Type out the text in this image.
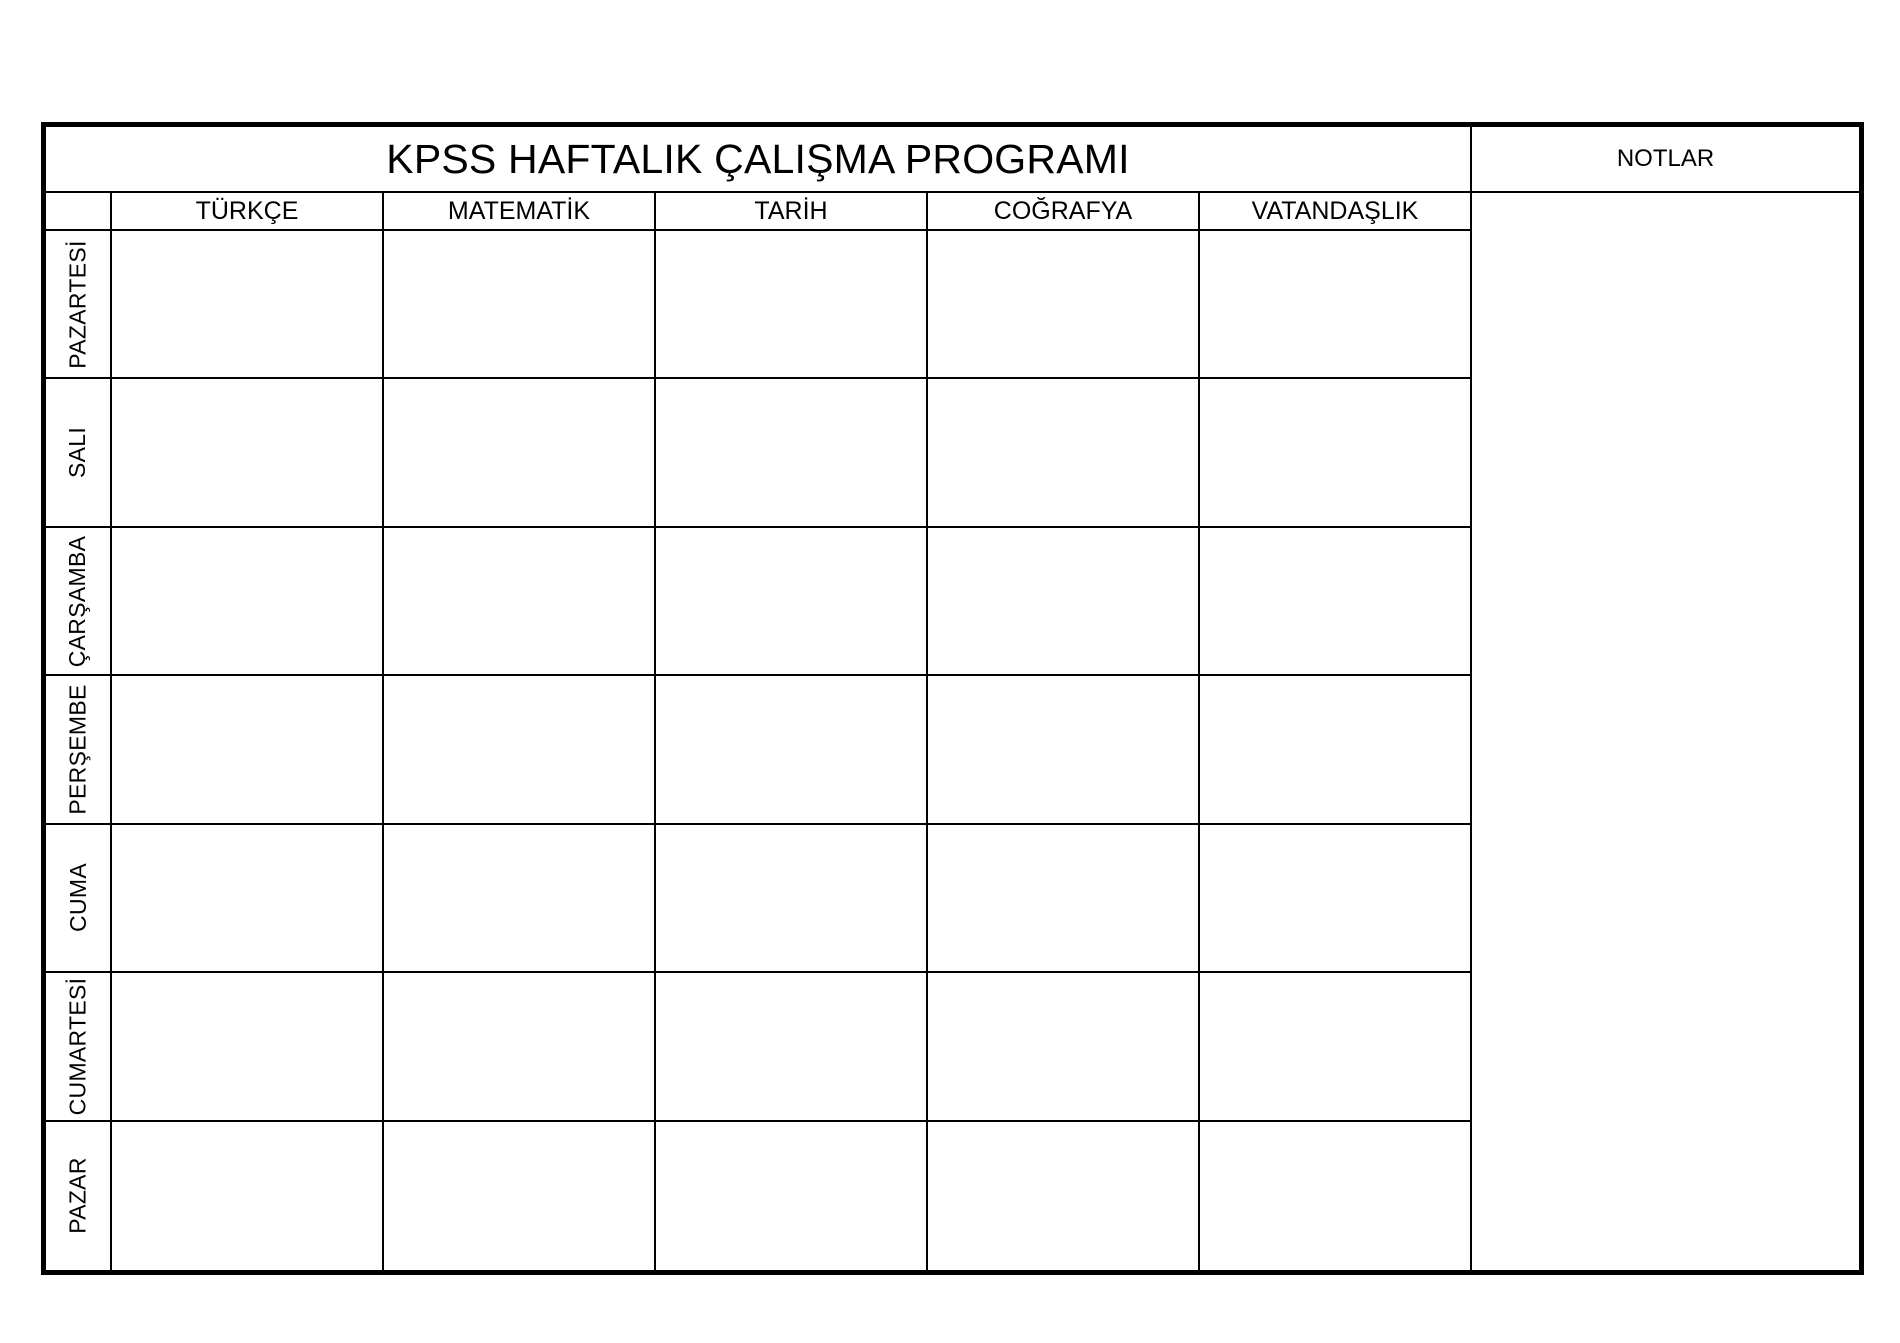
KPSS HAFTALIK ÇALIŞMA PROGRAMI	NOTLAR
TÜRKÇE	MATEMATİK	TARİH	COĞRAFYA	VATANDAŞLIK
PAZARTESİ
SALI
ÇARŞAMBA
PERŞEMBE
CUMA
CUMARTESİ
PAZAR
